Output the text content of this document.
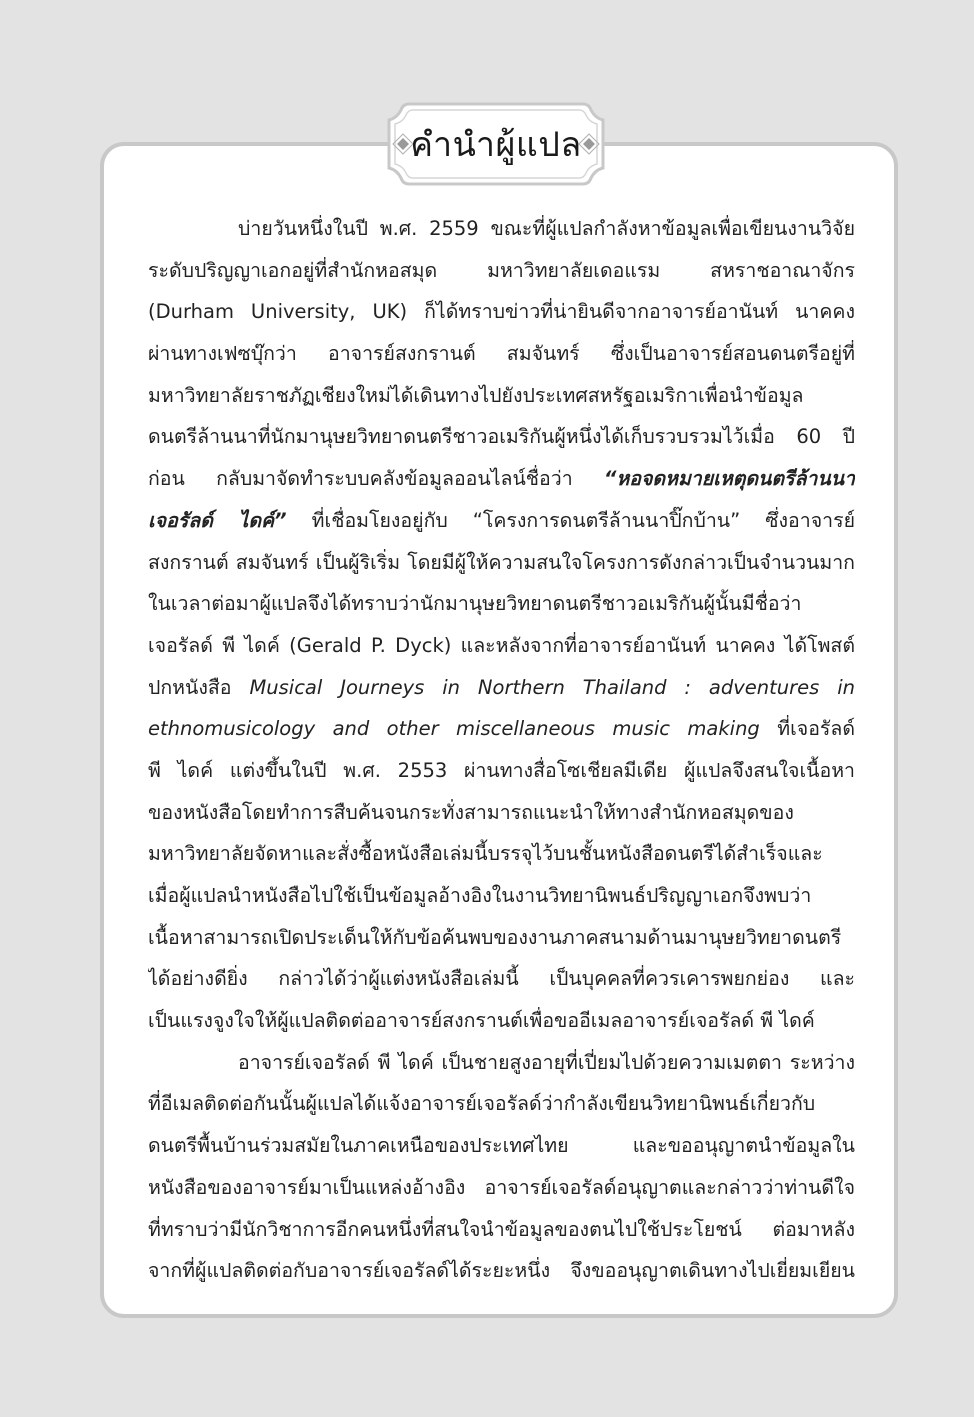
คำนำผู้แปล
บ่ายวันหนึ่งในปี พ.ศ. 2559 ขณะที่ผู้แปลกำลังหาข้อมูลเพื่อเขียนงานวิจัย
ระดับปริญญาเอกอยู่ที่สำนักหอสมุด มหาวิทยาลัยเดอแรม สหราชอาณาจักร
(Durham University, UK) ก็ได้ทราบข่าวที่น่ายินดีจากอาจารย์อานันท์ นาคคง
ผ่านทางเฟซบุ๊กว่า อาจารย์สงกรานต์ สมจันทร์ ซึ่งเป็นอาจารย์สอนดนตรีอยู่ที่
มหาวิทยาลัยราชภัฏเชียงใหม่ได้เดินทางไปยังประเทศสหรัฐอเมริกาเพื่อนำข้อมูล
ดนตรีล้านนาที่นักมานุษยวิทยาดนตรีชาวอเมริกันผู้หนึ่งได้เก็บรวบรวมไว้เมื่อ 60 ปี
ก่อน กลับมาจัดทำระบบคลังข้อมูลออนไลน์ชื่อว่า “หอจดหมายเหตุดนตรีล้านนา
เจอรัลด์ ไดค์” ที่เชื่อมโยงอยู่กับ “โครงการดนตรีล้านนาปิ๊กบ้าน” ซึ่งอาจารย์
สงกรานต์ สมจันทร์ เป็นผู้ริเริ่ม โดยมีผู้ให้ความสนใจโครงการดังกล่าวเป็นจำนวนมาก
ในเวลาต่อมาผู้แปลจึงได้ทราบว่านักมานุษยวิทยาดนตรีชาวอเมริกันผู้นั้นมีชื่อว่า
เจอรัลด์ พี ไดค์ (Gerald P. Dyck) และหลังจากที่อาจารย์อานันท์ นาคคง ได้โพสต์
ปกหนังสือ Musical Journeys in Northern Thailand : adventures in
ethnomusicology and other miscellaneous music making ที่เจอรัลด์
พี ไดค์ แต่งขึ้นในปี พ.ศ. 2553 ผ่านทางสื่อโซเชียลมีเดีย ผู้แปลจึงสนใจเนื้อหา
ของหนังสือโดยทำการสืบค้นจนกระทั่งสามารถแนะนำให้ทางสำนักหอสมุดของ
มหาวิทยาลัยจัดหาและสั่งซื้อหนังสือเล่มนี้บรรจุไว้บนชั้นหนังสือดนตรีได้สำเร็จและ
เมื่อผู้แปลนำหนังสือไปใช้เป็นข้อมูลอ้างอิงในงานวิทยานิพนธ์ปริญญาเอกจึงพบว่า
เนื้อหาสามารถเปิดประเด็นให้กับข้อค้นพบของงานภาคสนามด้านมานุษยวิทยาดนตรี
ได้อย่างดียิ่ง กล่าวได้ว่าผู้แต่งหนังสือเล่มนี้ เป็นบุคคลที่ควรเคารพยกย่อง และ
เป็นแรงจูงใจให้ผู้แปลติดต่ออาจารย์สงกรานต์เพื่อขออีเมลอาจารย์เจอรัลด์ พี ไดค์
อาจารย์เจอรัลด์ พี ไดค์ เป็นชายสูงอายุที่เปี่ยมไปด้วยความเมตตา ระหว่าง
ที่อีเมลติดต่อกันนั้นผู้แปลได้แจ้งอาจารย์เจอรัลด์ว่ากำลังเขียนวิทยานิพนธ์เกี่ยวกับ
ดนตรีพื้นบ้านร่วมสมัยในภาคเหนือของประเทศไทย และขออนุญาตนำข้อมูลใน
หนังสือของอาจารย์มาเป็นแหล่งอ้างอิง อาจารย์เจอรัลด์อนุญาตและกล่าวว่าท่านดีใจ
ที่ทราบว่ามีนักวิชาการอีกคนหนึ่งที่สนใจนำข้อมูลของตนไปใช้ประโยชน์ ต่อมาหลัง
จากที่ผู้แปลติดต่อกับอาจารย์เจอรัลด์ได้ระยะหนึ่ง จึงขออนุญาตเดินทางไปเยี่ยมเยียน
